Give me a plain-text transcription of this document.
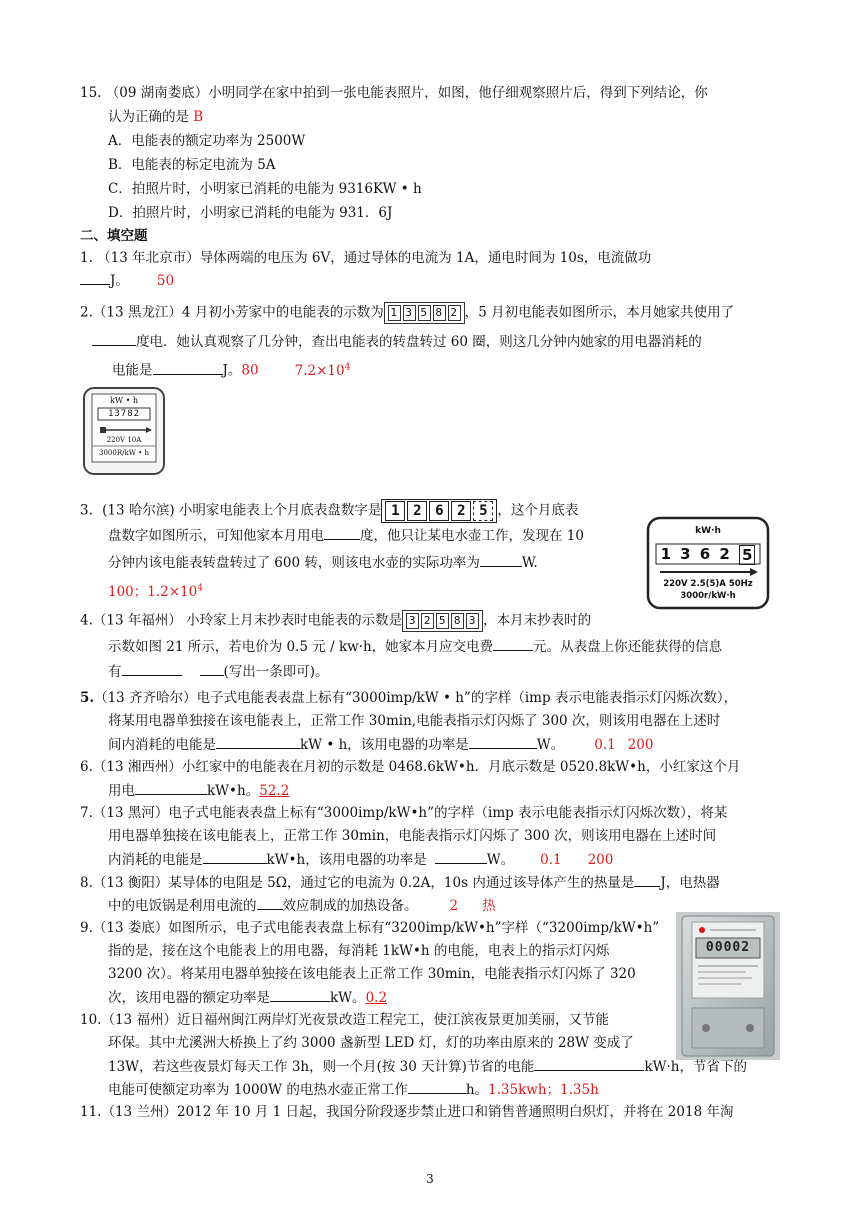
15. （09 湖南娄底）小明同学在家中拍到一张电能表照片，如图，他仔细观察照片后，得到下列结论，你
认为正确的是 B
A．电能表的额定功率为 2500W
B．电能表的标定电流为 5A
C．拍照片时，小明家已消耗的电能为 9316KW • h
D．拍照片时，小明家已消耗的电能为 931．6J
二、填空题
1. （13 年北京市）导体两端的电压为 6V，通过导体的电流为 1A，通电时间为 10s，电流做功
J。 50
2.（13 黑龙江）4 月初小芳家中的电能表的示数为 1 3 5 8 2 ，5 月初电能表如图所示，本月她家共使用了
度电．她认真观察了几分钟，查出电能表的转盘转过 60 圈，则这几分钟内她家的用电器消耗的
电能是	J。80	$7.2\times 10^4$
kW • h
13782
220V 10A
3000R/kW • h
3．(13 哈尔滨) 小明家电能表上个月底表盘数字是 1 2 6 2 5 ，这个月底表
盘数字如图所示，可知他家本月用电	度，他只让某电水壶工作，发现在 10
分钟内该电能表转盘转过了 600 转，则该电水壶的实际功率为	W.
100；$1.2\times 10^4$
kW·h
1 3 6 2 5
220V 2.5(5)A 50Hz
3000r/kW·h
4.（13 年福州） 小玲家上月末抄表时电能表的示数是 3 2 5 8 3 ，本月末抄表时的
示数如图 21 所示，若电价为 0.5 元 / kw·h，她家本月应交电费	元。从表盘上你还能获得的信息
有	(写出一条即可)。
5.（13 齐齐哈尔）电子式电能表表盘上标有“3000imp/kW • h”的字样（imp 表示电能表指示灯闪烁次数），
将某用电器单独接在该电能表上，正常工作 30min,电能表指示灯闪烁了 300 次，则该用电器在上述时
间内消耗的电能是	kW • h，该用电器的功率是	W。 0.1 200
6.（13 湘西州）小红家中的电能表在月初的示数是 0468.6kW•h．月底示数是 0520.8kW•h，小红家这个月
用电	kW•h。52.2
7.（13 黑河）电子式电能表表盘上标有“3000imp/kW•h”的字样（imp 表示电能表指示灯闪烁次数），将某
用电器单独接在该电能表上，正常工作 30min，电能表指示灯闪烁了 300 次，则该用电器在上述时间
内消耗的电能是	kW•h，该用电器的功率是	W。 0.1 200
8.（13 衡阳）某导体的电阻是 5Ω，通过它的电流为 0.2A，10s 内通过该导体产生的热量是 J，电热器
中的电饭锅是利用电流的 效应制成的加热设备。 2 热
9.（13 娄底）如图所示，电子式电能表表盘上标有“3200imp/kW•h”字样（“3200imp/kW•h”
指的是，接在这个电能表上的用电器，每消耗 1kW•h 的电能，电表上的指示灯闪烁
3200 次）。将某用电器单独接在该电能表上正常工作 30min，电能表指示灯闪烁了 320
次，该用电器的额定功率是	kW。0.2
00002
10.（13 福州）近日福州闽江两岸灯光夜景改造工程完工，使江滨夜景更加美丽，又节能
环保。其中尤溪洲大桥换上了约 3000 盏新型 LED 灯，灯的功率由原来的 28W 变成了
13W，若这些夜景灯每天工作 3h，则一个月(按 30 天计算)节省的电能	kW·h，节省下的
电能可使额定功率为 1000W 的电热水壶正常工作	h。1.35kwh；1.35h
11.（13 兰州）2012 年 10 月 1 日起，我国分阶段逐步禁止进口和销售普通照明白炽灯，并将在 2018 年淘
3
